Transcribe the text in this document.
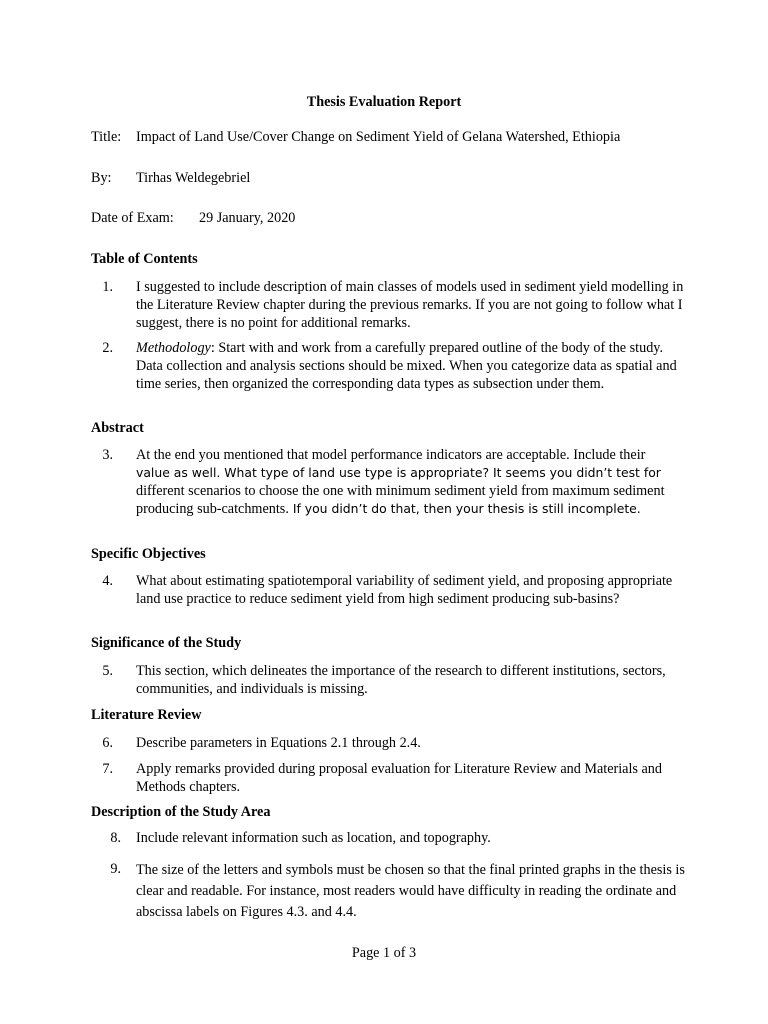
Thesis Evaluation Report
Title: Impact of Land Use/Cover Change on Sediment Yield of Gelana Watershed, Ethiopia
By: Tirhas Weldegebriel
Date of Exam: 29 January, 2020
Table of Contents
1. I suggested to include description of main classes of models used in sediment yield modelling in the Literature Review chapter during the previous remarks. If you are not going to follow what I suggest, there is no point for additional remarks.
2. Methodology: Start with and work from a carefully prepared outline of the body of the study. Data collection and analysis sections should be mixed. When you categorize data as spatial and time series, then organized the corresponding data types as subsection under them.
Abstract
3. At the end you mentioned that model performance indicators are acceptable. Include their
value as well. What type of land use type is appropriate? It seems you didn’t test for
different scenarios to choose the one with minimum sediment yield from maximum sediment producing sub-catchments. If you didn’t do that, then your thesis is still incomplete.
Specific Objectives
4. What about estimating spatiotemporal variability of sediment yield, and proposing appropriate land use practice to reduce sediment yield from high sediment producing sub-basins?
Significance of the Study
5. This section, which delineates the importance of the research to different institutions, sectors, communities, and individuals is missing.
Literature Review
6. Describe parameters in Equations 2.1 through 2.4.
7. Apply remarks provided during proposal evaluation for Literature Review and Materials and Methods chapters.
Description of the Study Area
8. Include relevant information such as location, and topography.
9. The size of the letters and symbols must be chosen so that the final printed graphs in the thesis is clear and readable. For instance, most readers would have difficulty in reading the ordinate and abscissa labels on Figures 4.3. and 4.4.
Page 1 of 3
